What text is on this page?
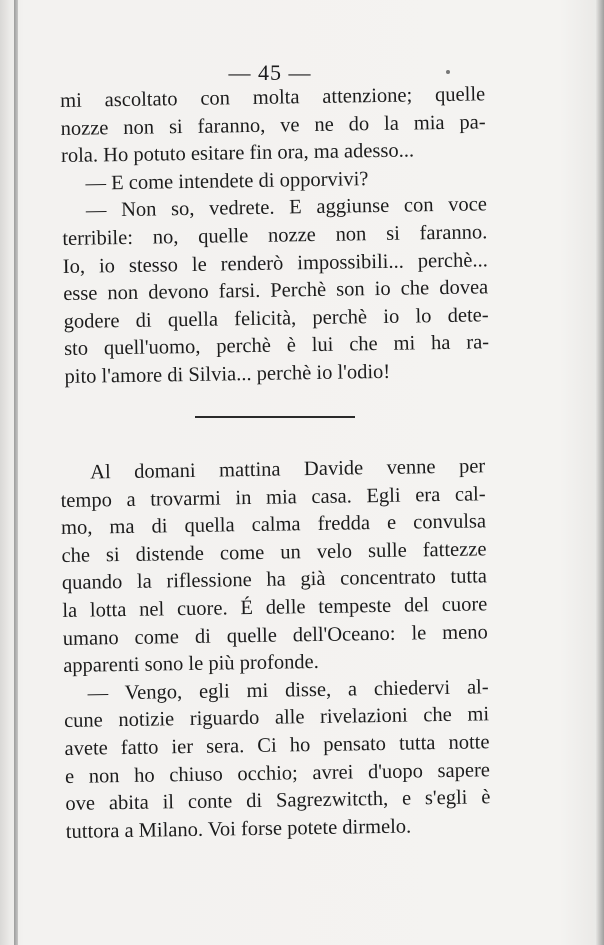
— 45 —
mi ascoltato con molta attenzione; quelle
nozze non si faranno, ve ne do la mia pa-
rola. Ho potuto esitare fin ora, ma adesso...
— E come intendete di opporvivi?
— Non so, vedrete. E aggiunse con voce
terribile: no, quelle nozze non si faranno.
Io, io stesso le renderò impossibili... perchè...
esse non devono farsi. Perchè son io che dovea
godere di quella felicità, perchè io lo dete-
sto quell'uomo, perchè è lui che mi ha ra-
pito l'amore di Silvia... perchè io l'odio!
Al domani mattina Davide venne per
tempo a trovarmi in mia casa. Egli era cal-
mo, ma di quella calma fredda e convulsa
che si distende come un velo sulle fattezze
quando la riflessione ha già concentrato tutta
la lotta nel cuore. É delle tempeste del cuore
umano come di quelle dell'Oceano: le meno
apparenti sono le più profonde.
— Vengo, egli mi disse, a chiedervi al-
cune notizie riguardo alle rivelazioni che mi
avete fatto ier sera. Ci ho pensato tutta notte
e non ho chiuso occhio; avrei d'uopo sapere
ove abita il conte di Sagrezwitcth, e s'egli è
tuttora a Milano. Voi forse potete dirmelo.
